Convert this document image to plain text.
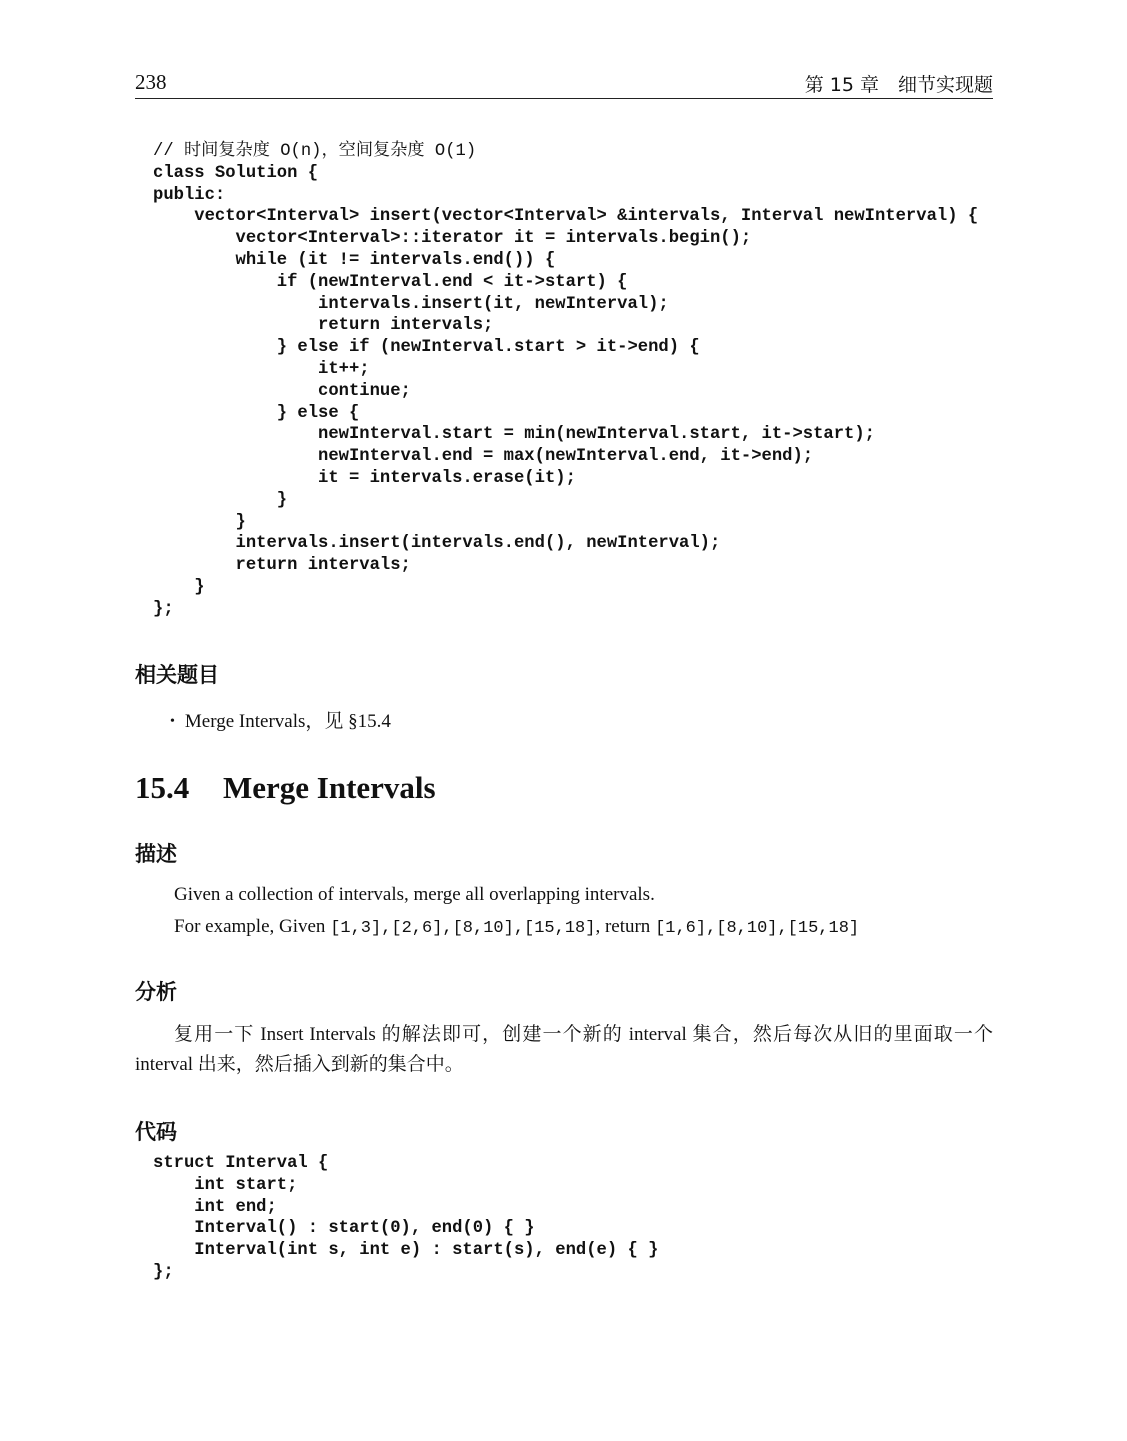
238	第 15 章　细节实现题
// 时间复杂度 O(n)，空间复杂度 O(1)
class Solution {
public:
vector<Interval> insert(vector<Interval> &intervals, Interval newInterval) {
vector<Interval>::iterator it = intervals.begin();
while (it != intervals.end()) {
if (newInterval.end < it->start) {
intervals.insert(it, newInterval);
return intervals;
} else if (newInterval.start > it->end) {
it++;
continue;
} else {
newInterval.start = min(newInterval.start, it->start);
newInterval.end = max(newInterval.end, it->end);
it = intervals.erase(it);
}
}
intervals.insert(intervals.end(), newInterval);
return intervals;
}
};
相关题目
• Merge Intervals，见 §15.4
15.4 Merge Intervals
描述
Given a collection of intervals, merge all overlapping intervals.
For example, Given [1,3],[2,6],[8,10],[15,18], return [1,6],[8,10],[15,18]
分析
复用一下 Insert Intervals 的解法即可，创建一个新的 interval 集合，然后每次从旧的里面取一个 interval 出来，然后插入到新的集合中。
代码
struct Interval {
int start;
int end;
Interval() : start(0), end(0) { }
Interval(int s, int e) : start(s), end(e) { }
};
